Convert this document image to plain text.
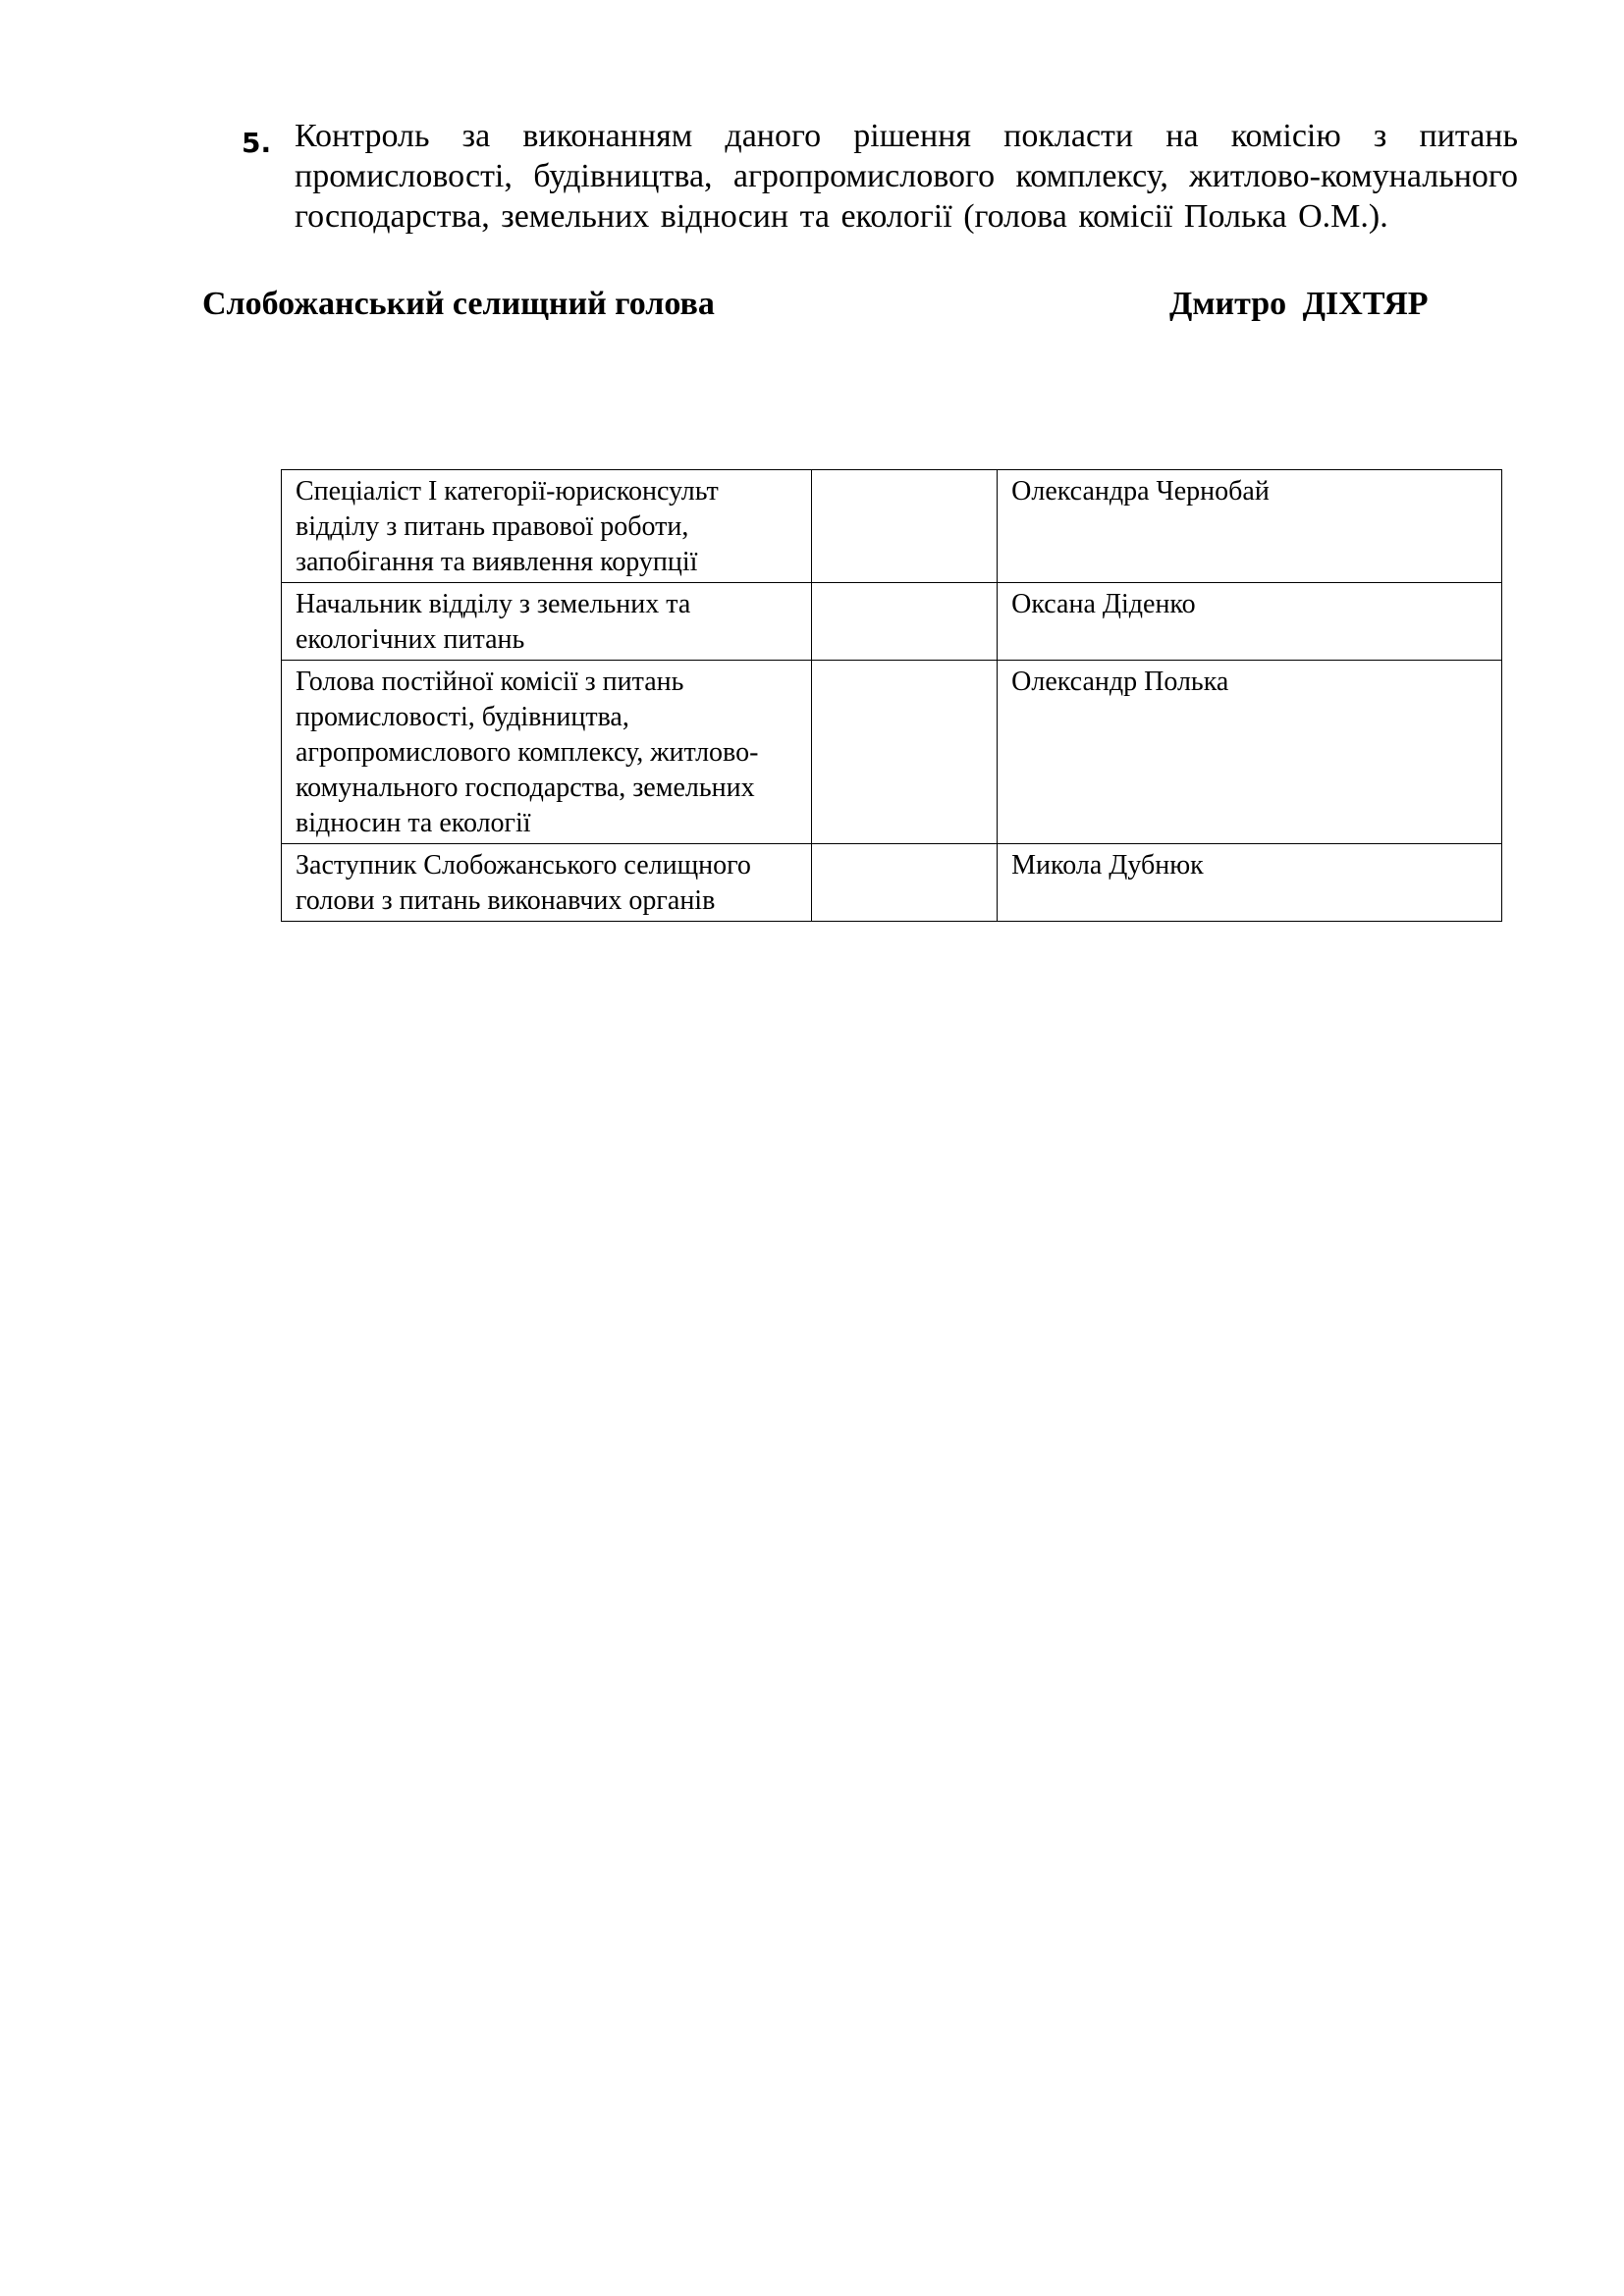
5. Контроль за виконанням даного рішення покласти на комісію з питань промисловості, будівництва, агропромислового комплексу, житлово-комунального господарства, земельних відносин та екології (голова комісії Полька О.М.).
Слобожанський селищний голова	Дмитро ДІХТЯР
Спеціаліст І категорії-юрисконсульт відділу з питань правової роботи, запобігання та виявлення корупції		Олександра Чернобай
Начальник відділу з земельних та екологічних питань		Оксана Діденко
Голова постійної комісії з питань промисловості, будівництва, агропромислового комплексу, житлово-комунального господарства, земельних відносин та екології		Олександр Полька
Заступник Слобожанського селищного голови з питань виконавчих органів		Микола Дубнюк
